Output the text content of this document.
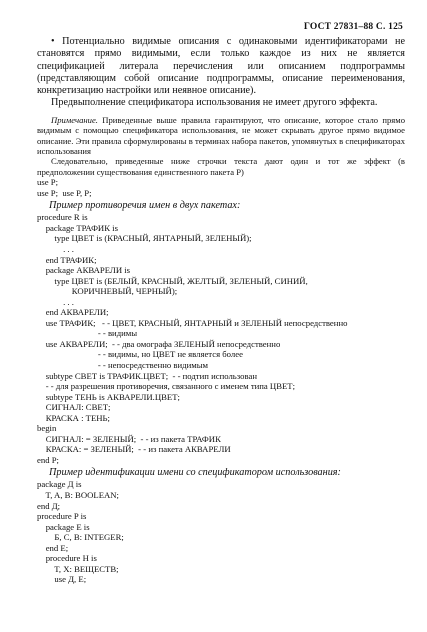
ГОСТ 27831–88 С. 125

• Потенциально видимые описания с одинаковыми идентификаторами не становятся прямо видимыми, если только каждое из них не является спецификацией литерала перечисления или описанием подпрограммы (представляющим собой описание подпрограммы, описание переименования, конкретизацию настройки или неявное описание).

Предвыполнение спецификатора использования не имеет другого эффекта.

Примечание. Приведенные выше правила гарантируют, что описание, которое стало прямо видимым с помощью спецификатора использования, не может скрывать другое прямо видимое описание. Эти правила сформулированы в терминах набора пакетов, упомянутых в спецификаторах использования
Следовательно, приведенные ниже строчки текста дают один и тот же эффект (в предположении существования единственного пакета P)
use P;
use P;  use P, P;
Пример противоречия имен в двух пакетах:
procedure R is
package ТРАФИК is
type ЦВЕТ is (КРАСНЫЙ, ЯНТАРНЫЙ, ЗЕЛЕНЫЙ);
. . .
end ТРАФИК;
package АКВАРЕЛИ is
type ЦВЕТ is (БЕЛЫЙ, КРАСНЫЙ, ЖЕЛТЫЙ, ЗЕЛЕНЫЙ, СИНИЙ,
КОРИЧНЕВЫЙ, ЧЕРНЫЙ);
. . .
end АКВАРЕЛИ;
use ТРАФИК;   - - ЦВЕТ, КРАСНЫЙ, ЯНТАРНЫЙ и ЗЕЛЕНЫЙ непосредственно
- - видимы
use АКВАРЕЛИ;  - - два омографа ЗЕЛЕНЫЙ непосредственно
- - видимы, но ЦВЕТ не является более
- - непосредственно видимым
subtype СВЕТ is ТРАФИК.ЦВЕТ;  - - подтип использован
- - для разрешения противоречия, связанного с именем типа ЦВЕТ;
subtype ТЕНЬ is АКВАРЕЛИ.ЦВЕТ;
СИГНАЛ: СВЕТ;
КРАСКА : ТЕНЬ;
begin
СИГНАЛ: = ЗЕЛЕНЫЙ;  - - из пакета ТРАФИК
КРАСКА: = ЗЕЛЕНЫЙ;  - - из пакета АКВАРЕЛИ
end P;
Пример идентификации имени со спецификатором использования:
package Д is
T, A, B: BOOLEAN;
end Д;
procedure P is
package E is
Б, C, B: INTEGER;
end E;
procedure H is
T, X: ВЕЩЕСТВ;
use Д, E;
